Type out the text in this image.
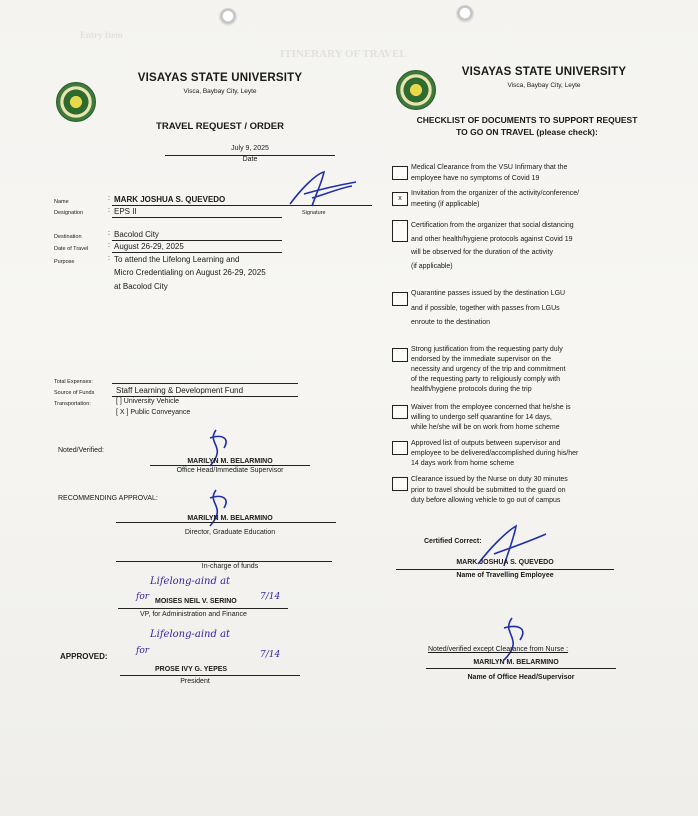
ITINERARY OF TRAVEL
Entry Item
VISAYAS STATE UNIVERSITY
Visca, Baybay City, Leyte
TRAVEL REQUEST / ORDER
July 9, 2025
Date
Name	: MARK JOSHUA S. QUEVEDO
Designation	: EPS II	Signature
Destination	: Bacolod City
Date of Travel	: August 26-29, 2025
Purpose	: To attend the Lifelong Learning and
Micro Credentialing on August 26-29, 2025
at Bacolod City
Total Expenses:
Source of Funds	Staff Learning & Development Fund
Transportation:	[ ] University Vehicle
[ X ] Public Conveyance
Noted/Verified:
MARILYN M. BELARMINO
Office Head/Immediate Supervisor
RECOMMENDING APPROVAL:
MARILYN M. BELARMINO
Director, Graduate Education
In-charge of funds
Lifelong-aind at
for	7/14
MOISES NEIL V. SERINO
VP, for Administration and Finance
Lifelong-aind at
for	7/14
APPROVED:
PROSE IVY G. YEPES
President
VISAYAS STATE UNIVERSITY
Visca, Baybay City, Leyte
CHECKLIST OF DOCUMENTS TO SUPPORT REQUEST
TO GO ON TRAVEL (please check):
Medical Clearance from the VSU Infirmary that the
employee have no symptoms of Covid 19
x
Invitation from the organizer of the activity/conference/
meeting (if applicable)
Certification from the organizer that social distancing
and other health/hygiene protocols against Covid 19
will be observed for the duration of the activity
(if applicable)
Quarantine passes issued by the destination LGU
and if possible, together with passes from LGUs
enroute to the destination
Strong justification from the requesting party duly
endorsed by the immediate supervisor on the
necessity and urgency of the trip and commitment
of the requesting party to religiously comply with
health/hygiene protocols during the trip
Waiver from the employee concerned that he/she is
willing to undergo self quarantine for 14 days,
while he/she will be on work from home scheme
Approved list of outputs between supervisor and
employee to be delivered/accomplished during his/her
14 days work from home scheme
Clearance issued by the Nurse on duty 30 minutes
prior to travel should be submitted to the guard on
duty before allowing vehicle to go out of campus
Certified Correct:
MARK JOSHUA S. QUEVEDO
Name of Travelling Employee
Noted/verified except Clearance from Nurse :
MARILYN M. BELARMINO
Name of Office Head/Supervisor
